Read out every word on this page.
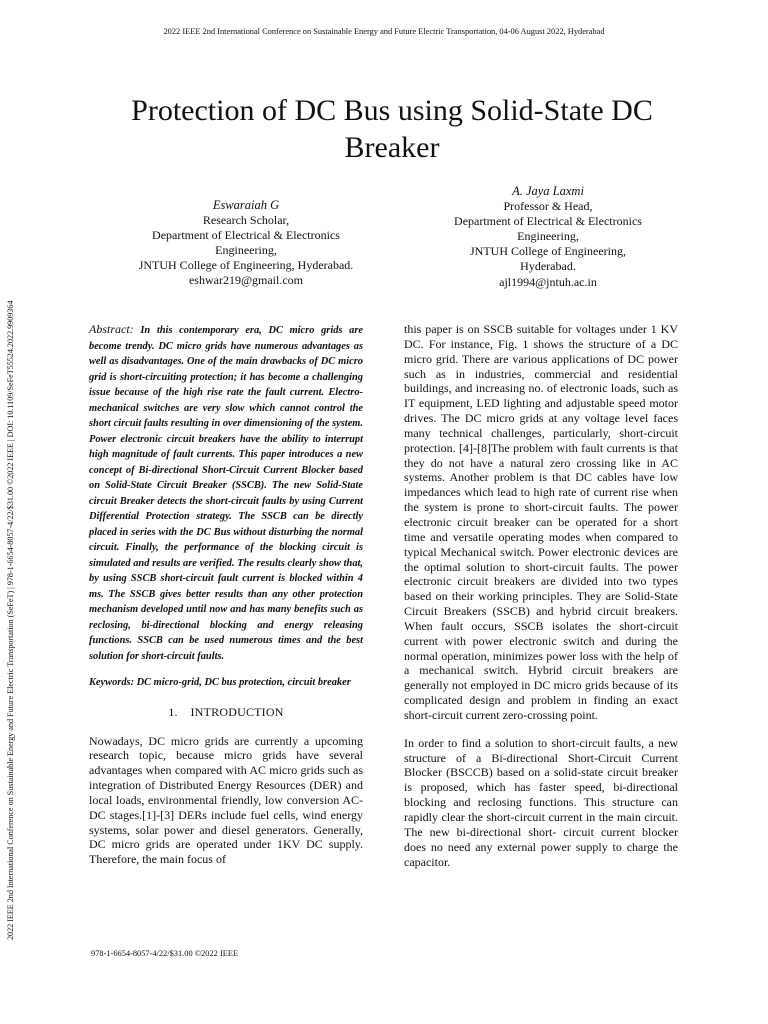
2022 IEEE 2nd International Conference on Sustainable Energy and Future Electric Transportation, 04-06 August 2022, Hyderabad
2022 IEEE 2nd International Conference on Sustainable Energy and Future Electric Transportation (SeFeT) | 978-1-6654-8057-4/22/$31.00 ©2022 IEEE | DOI: 10.1109/SeFeT55524.2022.9909364
Protection of DC Bus using Solid-State DC
Breaker
Eswaraiah G
Research Scholar,
Department of Electrical & Electronics
Engineering,
JNTUH College of Engineering, Hyderabad.
eshwar219@gmail.com
A. Jaya Laxmi
Professor & Head,
Department of Electrical & Electronics
Engineering,
JNTUH College of Engineering,
Hyderabad.
ajl1994@jntuh.ac.in

Abstract: In this contemporary era, DC micro grids are become trendy. DC micro grids have numerous advantages as well as disadvantages. One of the main drawbacks of DC micro grid is short-circuiting protection; it has become a challenging issue because of the high rise rate the fault current. Electro-mechanical switches are very slow which cannot control the short circuit faults resulting in over dimensioning of the system. Power electronic circuit breakers have the ability to interrupt high magnitude of fault currents. This paper introduces a new concept of Bi-directional Short-Circuit Current Blocker based on Solid-State Circuit Breaker (SSCB). The new Solid-State circuit Breaker detects the short-circuit faults by using Current Differential Protection strategy. The SSCB can be directly placed in series with the DC Bus without disturbing the normal circuit. Finally, the performance of the blocking circuit is simulated and results are verified. The results clearly show that, by using SSCB short-circuit fault current is blocked within 4 ms. The SSCB gives better results than any other protection mechanism developed until now and has many benefits such as reclosing, bi-directional blocking and energy releasing functions. SSCB can be used numerous times and the best solution for short-circuit faults.

Keywords: DC micro-grid, DC bus protection, circuit breaker

1.    INTRODUCTION

Nowadays, DC micro grids are currently a upcoming research topic, because micro grids have several advantages when compared with AC micro grids such as integration of Distributed Energy Resources (DER) and local loads, environmental friendly, low conversion AC-DC stages.[1]-[3] DERs include fuel cells, wind energy systems, solar power and diesel generators. Generally, DC micro grids are operated under 1KV DC supply. Therefore, the main focus of

this paper is on SSCB suitable for voltages under 1 KV DC. For instance, Fig. 1 shows the structure of a DC micro grid. There are various applications of DC power such as in industries, commercial and residential buildings, and increasing no. of electronic loads, such as IT equipment, LED lighting and adjustable speed motor drives. The DC micro grids at any voltage level faces many technical challenges, particularly, short-circuit protection. [4]-[8]The problem with fault currents is that they do not have a natural zero crossing like in AC systems. Another problem is that DC cables have low impedances which lead to high rate of current rise when the system is prone to short-circuit faults. The power electronic circuit breaker can be operated for a short time and versatile operating modes when compared to typical Mechanical switch. Power electronic devices are the optimal solution to short-circuit faults. The power electronic circuit breakers are divided into two types based on their working principles. They are Solid-State Circuit Breakers (SSCB) and hybrid circuit breakers. When fault occurs, SSCB isolates the short-circuit current with power electronic switch and during the normal operation, minimizes power loss with the help of a mechanical switch. Hybrid circuit breakers are generally not employed in DC micro grids because of its complicated design and problem in finding an exact short-circuit current zero-crossing point.

In order to find a solution to short-circuit faults, a new structure of a Bi-directional Short-Circuit Current Blocker (BSCCB) based on a solid-state circuit breaker is proposed, which has faster speed, bi-directional blocking and reclosing functions. This structure can rapidly clear the short-circuit current in the main circuit. The new bi-directional short- circuit current blocker does no need any external power supply to charge the capacitor.

978-1-6654-8057-4/22/$31.00 ©2022 IEEE
